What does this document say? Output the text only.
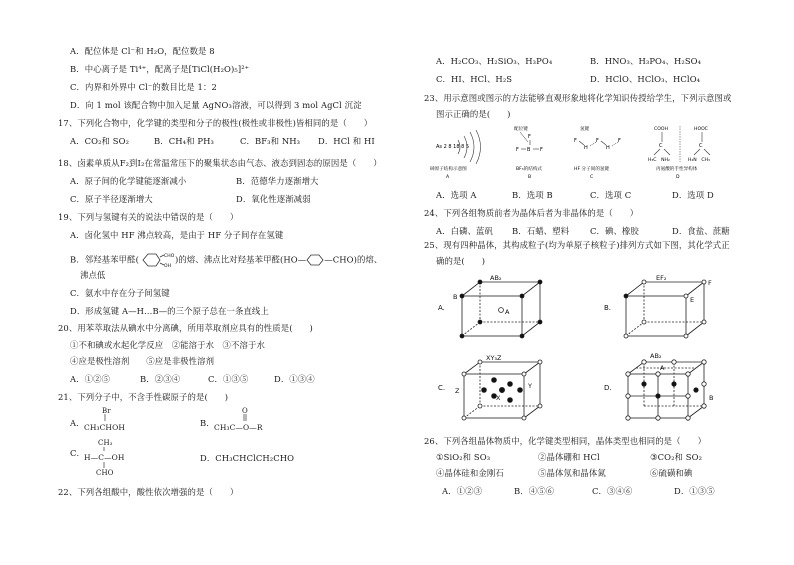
A．配位体是 Cl⁻和 H₂O，配位数是 8
B．中心离子是 Ti⁴⁺，配离子是[TiCl(H₂O)₅]²⁺
C．内界和外界中 Cl⁻的数目比是 1：2
D．向 1 mol 该配合物中加入足量 AgNO₃溶液，可以得到 3 mol AgCl 沉淀
17、下列化合物中，化学键的类型和分子的极性(极性或非极性)皆相同的是（　　）
A．CO₂和 SO₂	B．CH₄和 PH₃	C．BF₃和 NH₃ D．HCl 和 HI
18、卤素单质从F₂到I₂在常温常压下的聚集状态由气态、液态到固态的原因是（　　）
A．原子间的化学键能逐渐减小	B．范德华力逐渐增大
C．原子半径逐渐增大	D．氧化性逐渐减弱
19、下列与氢键有关的说法中错误的是（　　）
A．卤化氢中 HF 沸点较高，是由于 HF 分子间存在氢键
B．邻羟基苯甲醛(	CHO
OH
)的熔、沸点比对羟基苯甲醛(HO— —CHO)的熔、
沸点低
C．氨水中存在分子间氢键
D．形成氢键 A—H…B—的三个原子总在一条直线上
20、用苯萃取法从碘水中分离碘，所用萃取剂应具有的性质是(　　)
①不和碘或水起化学反应　②能溶于水　③不溶于水
④应是极性溶剂　　⑤应是非极性溶剂
A．①②⑤	B．②③④	C．①③⑤	D．①③④
21、下列分子中，不含手性碳原子的是(　　)
A．
Br
CH₃CHOH	B．
O
CH₃C—O—R
C．
CH₃
H—C—OH
CHO
D．CH₃CHClCH₂CHO
22、下列各组酸中，酸性依次增强的是（　　）
A．H₂CO₃、H₂SiO₃、H₃PO₄	B．HNO₃、H₃PO₄、H₂SO₄
C．HI、HCl、H₂S	D．HClO、HClO₃、HClO₄
23、用示意图或图示的方法能够直观形象地将化学知识传授给学生，下列示意图或
图示正确的是(　　)
As 2 8 18 8 5
砷原子结构示意图
A
配位键
F
F B F
BF₃的结构式
B
氢键
F
H
F
H
F
HF 分子间的氢键
C
COOH
C
H₃C　NH₂
HOOC
C
H₂N　CH₃
丙氨酸的手性异构体
D
A．选项 A	B．选项 B	C．选项 C	D．选项 D
24、下列各组物质前者为晶体后者为非晶体的是（　　）
A．白磷、蓝矾 B．石蜡、塑料 C．碘、橡胶	D．食盐、蔗糖
25、现有四种晶体，其构成粒子(均为单原子核粒子)排列方式如下图，其化学式正
确的是(　　)
A.
AB₂
B
A	B.
EF₂
E
F
C.
XY₃Z
Z
X
Y	D.
AB₂
A
B
26、下列各组晶体物质中，化学键类型相同，晶体类型也相同的是（　　）
①SiO₂和 SO₃	②晶体硼和 HCl	③CO₂和 SO₂
④晶体硅和金刚石	⑤晶体氖和晶体氮	⑥硫磺和碘
A．①②③	B．④⑤⑥	C．③④⑥	D．①③⑤
